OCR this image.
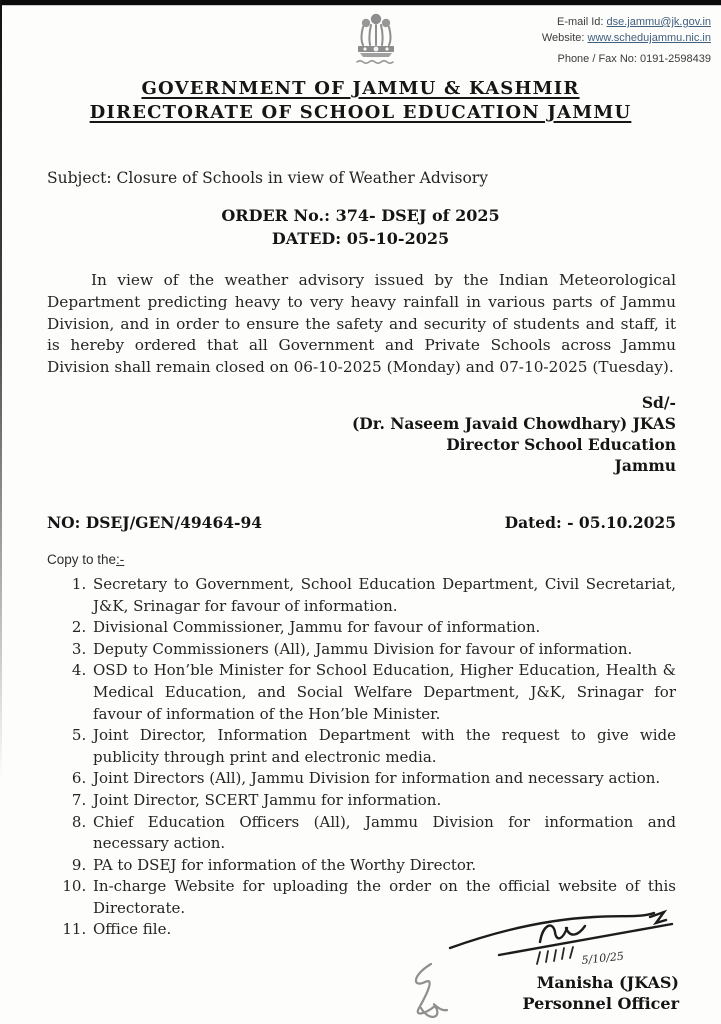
E-mail Id: dse.jammu@jk.gov.in
Website: www.schedujammu.nic.in
Phone / Fax No: 0191-2598439
GOVERNMENT OF JAMMU & KASHMIR
DIRECTORATE OF SCHOOL EDUCATION JAMMU
Subject: Closure of Schools in view of Weather Advisory
ORDER No.: 374- DSEJ of 2025
DATED: 05-10-2025
In view of the weather advisory issued by the Indian Meteorological Department predicting heavy to very heavy rainfall in various parts of Jammu Division, and in order to ensure the safety and security of students and staff, it is hereby ordered that all Government and Private Schools across Jammu Division shall remain closed on 06-10-2025 (Monday) and 07-10-2025 (Tuesday).
Sd/-
(Dr. Naseem Javaid Chowdhary) JKAS
Director School Education
Jammu
NO: DSEJ/GEN/49464-94	Dated: - 05.10.2025
Copy to the:-
1. Secretary to Government, School Education Department, Civil Secretariat, J&K, Srinagar for favour of information.
2. Divisional Commissioner, Jammu for favour of information.
3. Deputy Commissioners (All), Jammu Division for favour of information.
4. OSD to Hon’ble Minister for School Education, Higher Education, Health & Medical Education, and Social Welfare Department, J&K, Srinagar for favour of information of the Hon’ble Minister.
5. Joint Director, Information Department with the request to give wide publicity through print and electronic media.
6. Joint Directors (All), Jammu Division for information and necessary action.
7. Joint Director, SCERT Jammu for information.
8. Chief Education Officers (All), Jammu Division for information and necessary action.
9. PA to DSEJ for information of the Worthy Director.
10. In-charge Website for uploading the order on the official website of this Directorate.
11. Office file.
5/10/25
Manisha (JKAS)
Personnel Officer
